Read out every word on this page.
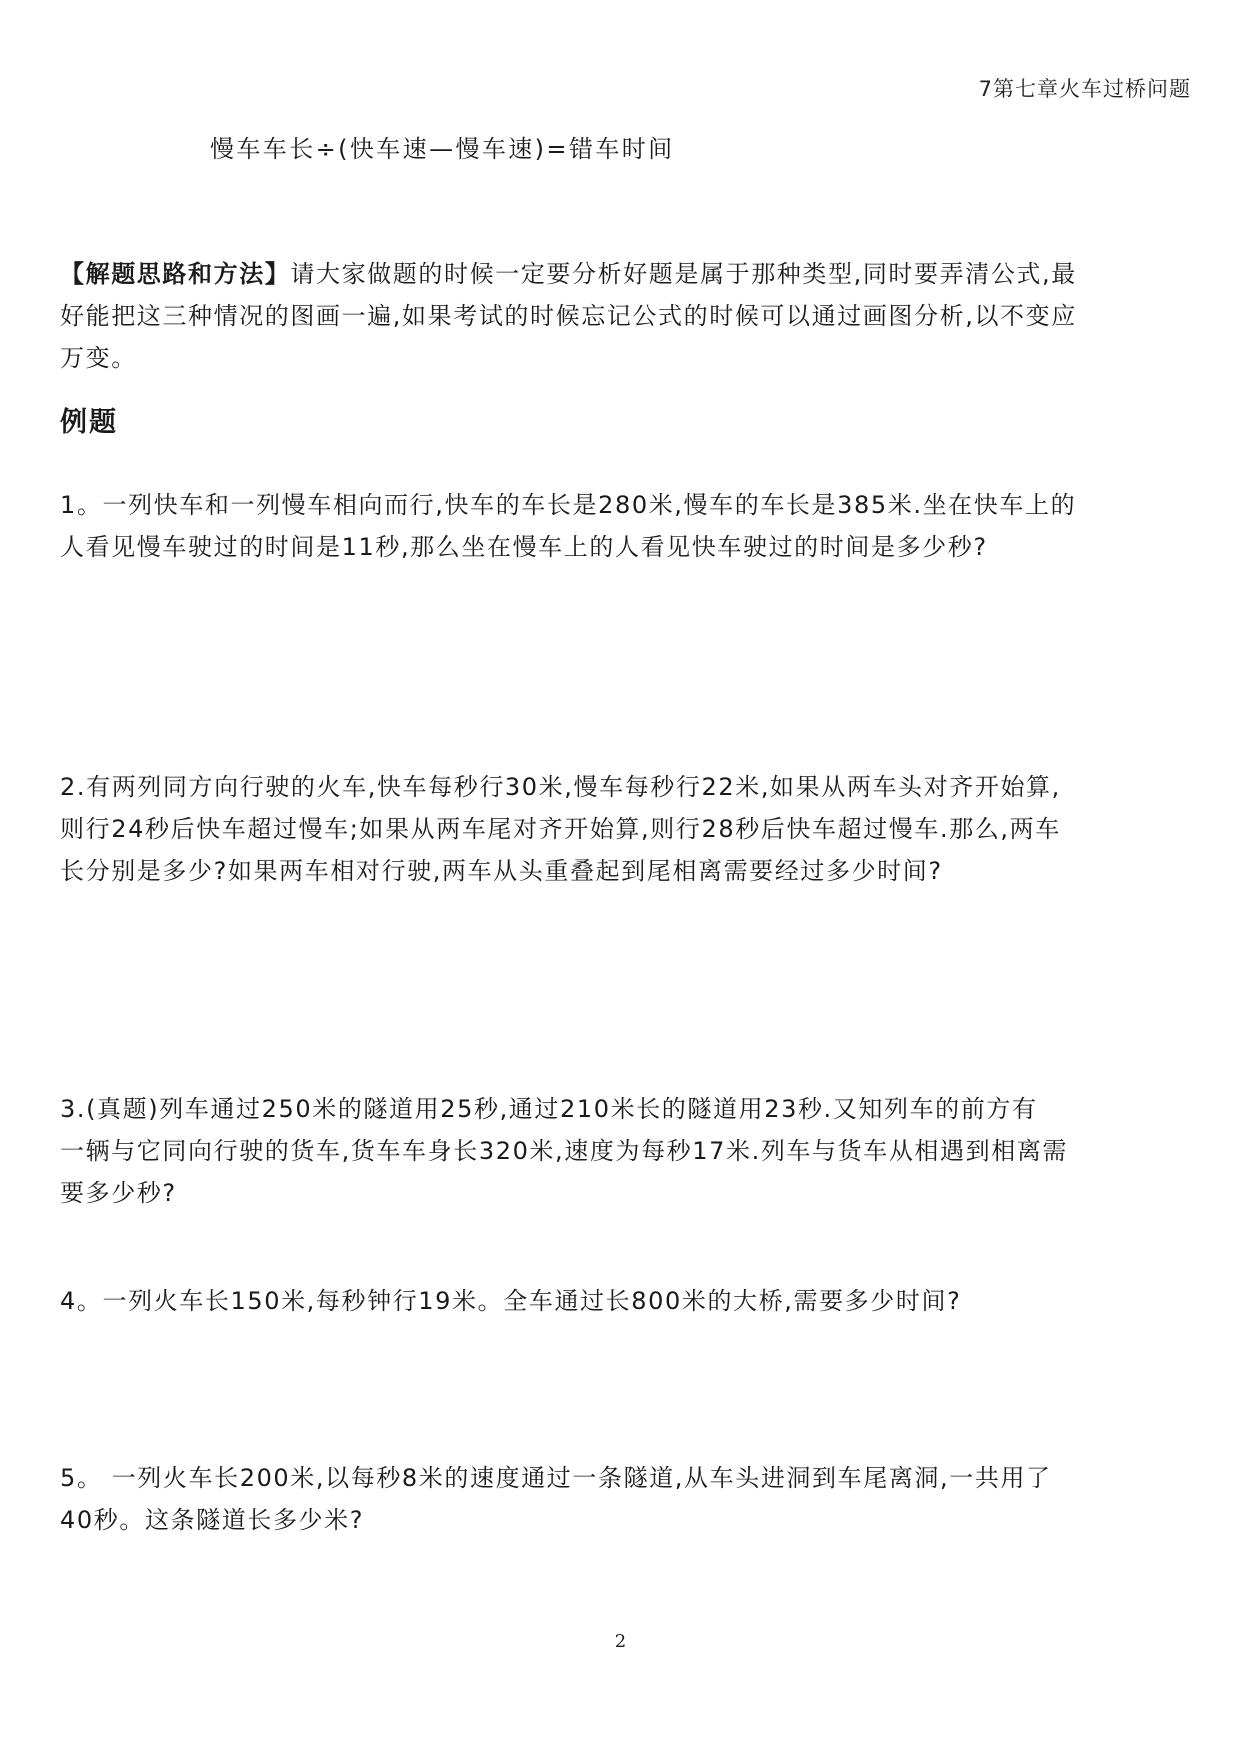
7第七章火车过桥问题
慢车车长÷(快车速—慢车速)=错车时间
【解题思路和方法】请大家做题的时候一定要分析好题是属于那种类型,同时要弄清公式,最
好能把这三种情况的图画一遍,如果考试的时候忘记公式的时候可以通过画图分析,以不变应
万变。
例题
1。一列快车和一列慢车相向而行,快车的车长是280米,慢车的车长是385米.坐在快车上的
人看见慢车驶过的时间是11秒,那么坐在慢车上的人看见快车驶过的时间是多少秒?
2.有两列同方向行驶的火车,快车每秒行30米,慢车每秒行22米,如果从两车头对齐开始算,
则行24秒后快车超过慢车;如果从两车尾对齐开始算,则行28秒后快车超过慢车.那么,两车
长分别是多少?如果两车相对行驶,两车从头重叠起到尾相离需要经过多少时间?
3.(真题)列车通过250米的隧道用25秒,通过210米长的隧道用23秒.又知列车的前方有
一辆与它同向行驶的货车,货车车身长320米,速度为每秒17米.列车与货车从相遇到相离需
要多少秒?
4。一列火车长150米,每秒钟行19米。全车通过长800米的大桥,需要多少时间?
5。 一列火车长200米,以每秒8米的速度通过一条隧道,从车头进洞到车尾离洞,一共用了
40秒。这条隧道长多少米?
2
